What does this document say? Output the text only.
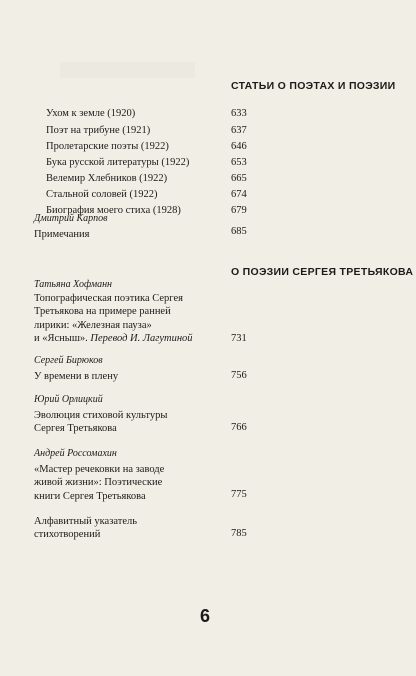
СТАТЬИ О ПОЭТАХ И ПОЭЗИИ
Ухом к земле (1920)	633
Поэт на трибуне (1921)	637
Пролетарские поэты (1922)	646
Бука русской литературы (1922)	653
Велемир Хлебников (1922)	665
Стальной соловей (1922)	674
Биография моего стиха (1928)	679
Дмитрий Карпов
Примечания	685
О ПОЭЗИИ СЕРГЕЯ ТРЕТЬЯКОВА
Татьяна Хофманн
Топографическая поэтика Сергея
Третьякова на примере ранней
лирики: «Железная пауза»
и «Ясныш». Перевод И. Лагутиной	731
Сергей Бирюков
У времени в плену	756
Юрий Орлицкий
Эволюция стиховой культуры
Сергея Третьякова	766
Андрей Россомахин
«Мастер речековки на заводе
живой жизни»: Поэтические
книги Сергея Третьякова	775
Алфавитный указатель
стихотворений	785
6
